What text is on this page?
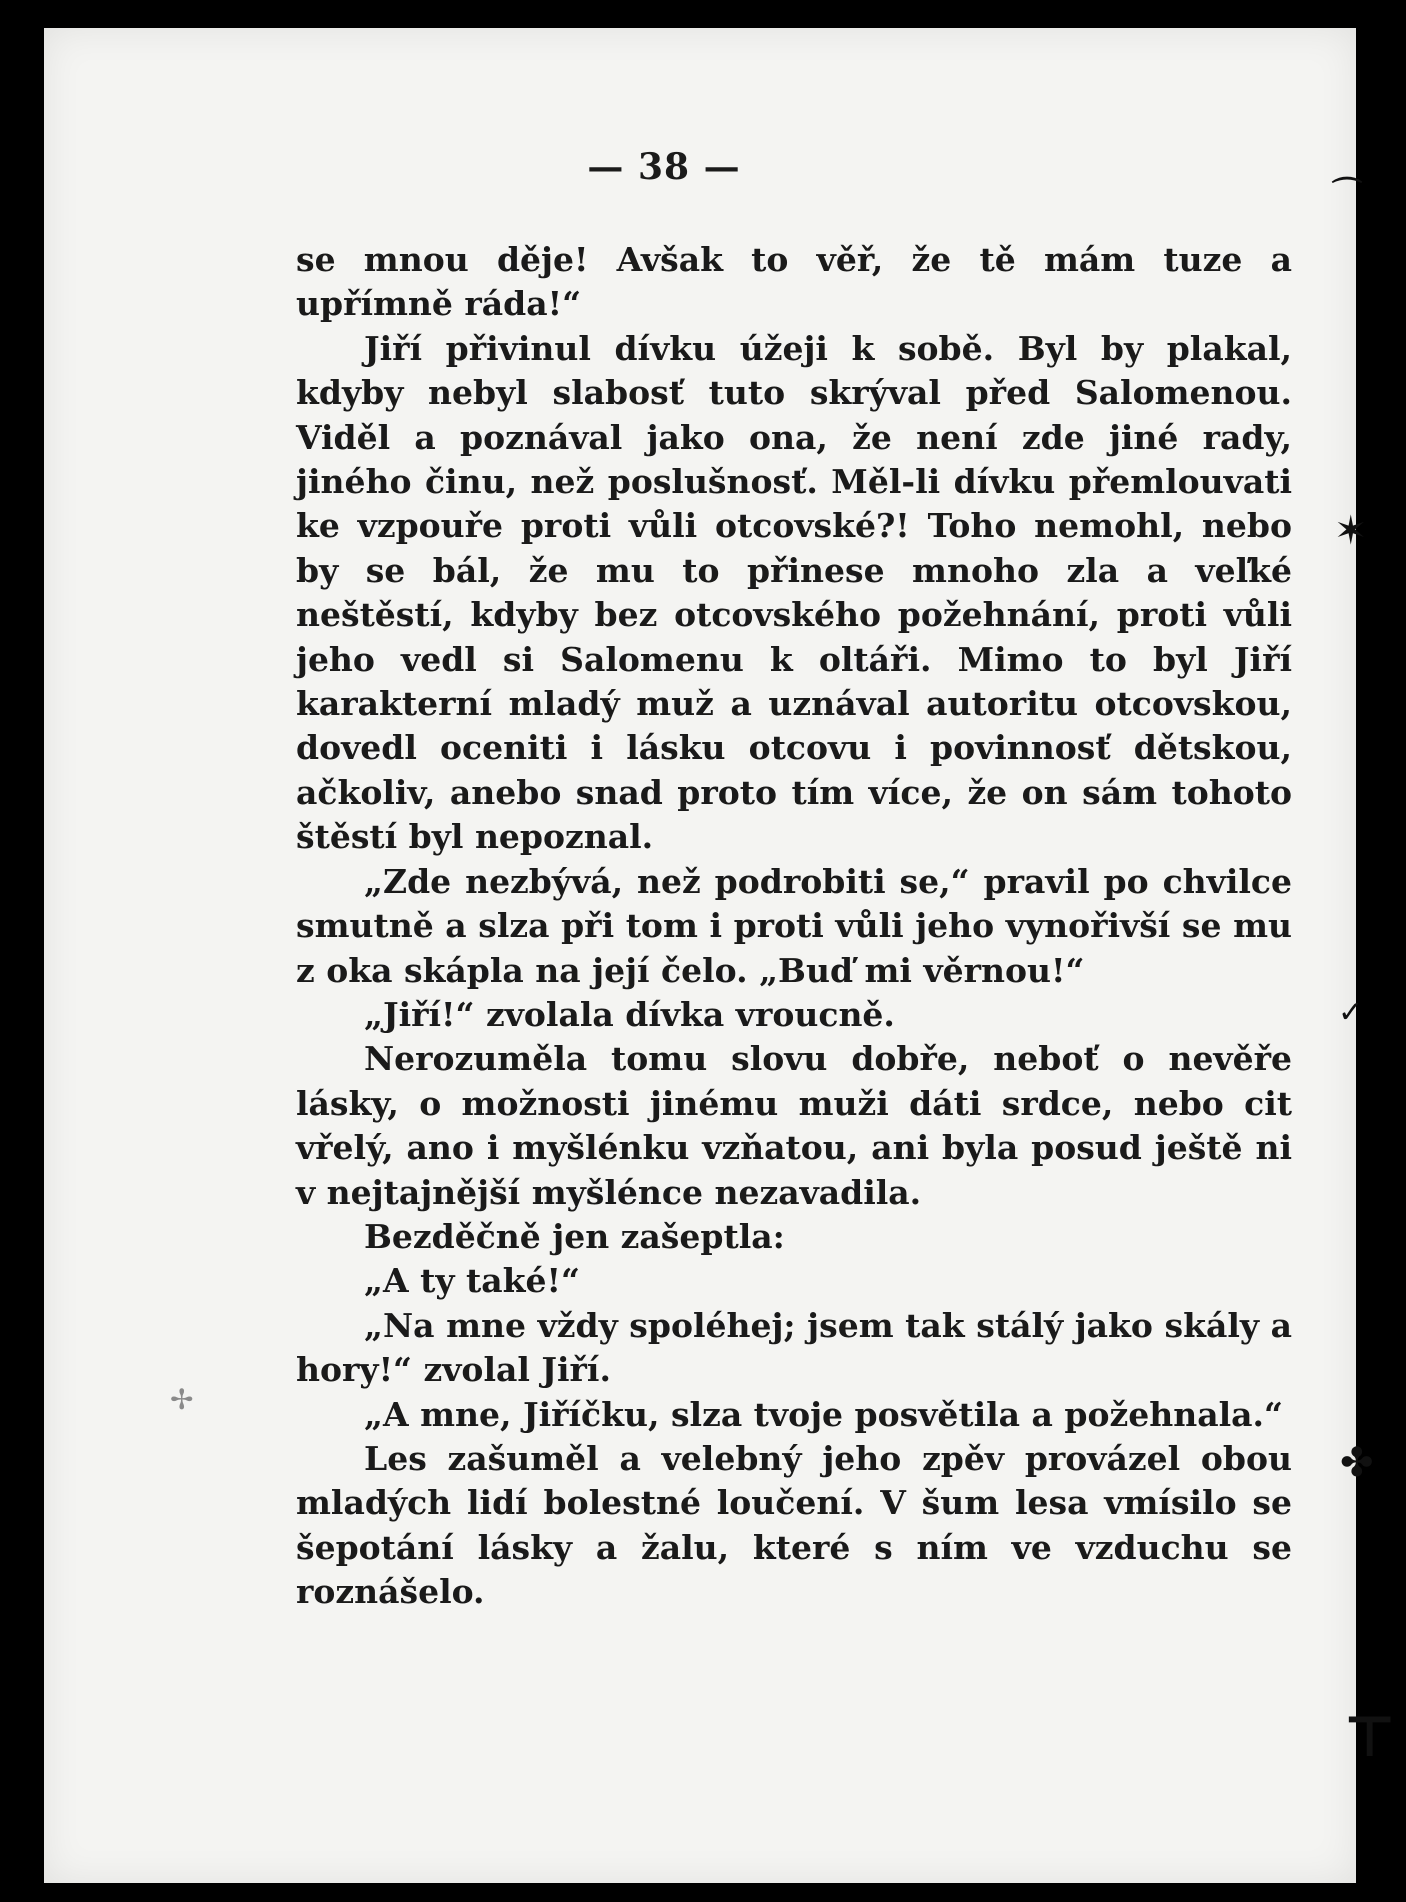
— 38 —

se mnou děje! Avšak to věř, že tě mám tuze a upřímně ráda!“

Jiří přivinul dívku úžeji k sobě. Byl by plakal, kdyby nebyl slabosť tuto skrýval před Salomenou. Viděl a poznával jako ona, že není zde jiné rady, jiného činu, než poslušnosť. Měl-li dívku přemlouvati ke vzpouře proti vůli otcovské?! Toho nemohl, nebo by se bál, že mu to přinese mnoho zla a veľké neštěstí, kdyby bez otcovského požehnání, proti vůli jeho vedl si Salomenu k oltáři. Mimo to byl Jiří karakterní mladý muž a uznával autoritu otcovskou, dovedl oceniti i lásku otcovu i povinnosť dětskou, ačkoliv, anebo snad proto tím více, že on sám tohoto štěstí byl nepoznal.

„Zde nezbývá, než podrobiti se,“ pravil po chvilce smutně a slza při tom i proti vůli jeho vynořivší se mu z oka skápla na její čelo. „Buď mi věrnou!“

„Jiří!“ zvolala dívka vroucně.

Nerozuměla tomu slovu dobře, neboť o nevěře lásky, o možnosti jinému muži dáti srdce, nebo cit vřelý, ano i myšlénku vzňatou, ani byla posud ještě ni v nejtajnější myšlénce nezavadila.

Bezděčně jen zašeptla:

„A ty také!“

„Na mne vždy spoléhej; jsem tak stálý jako skály a hory!“ zvolal Jiří.

„A mne, Jiříčku, slza tvoje posvětila a požehnala.“

Les zašuměl a velebný jeho zpěv provázel obou mladých lidí bolestné loučení. V šum lesa vmísilo se šepotání lásky a žalu, které s ním ve vzduchu se roznášelo.

✢
⌒
✶
✓
✤
⊤
